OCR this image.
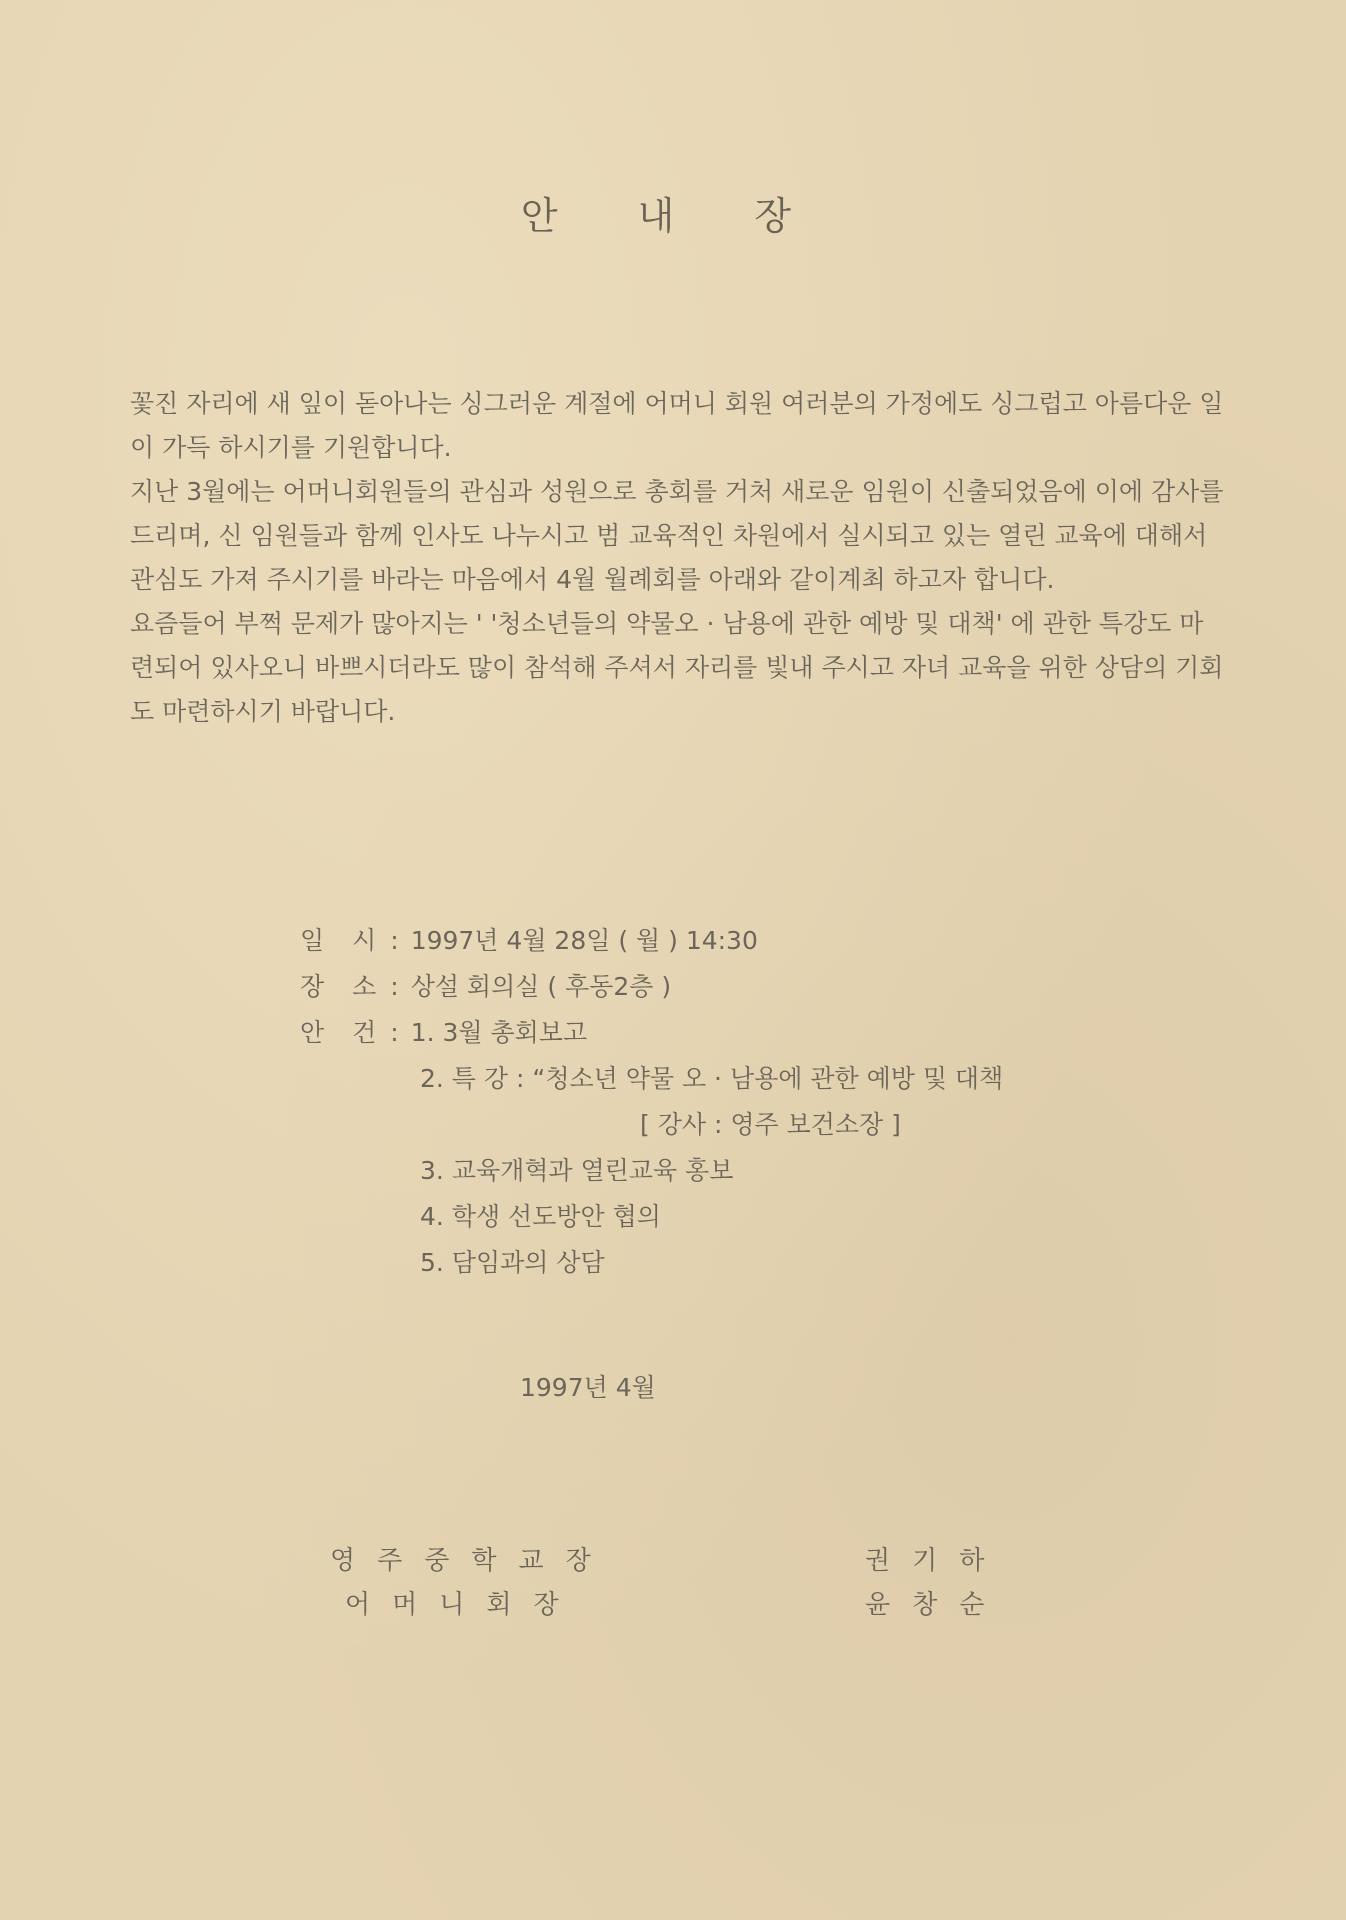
안 내 장

꽃진 자리에 새 잎이 돋아나는 싱그러운 계절에 어머니 회원 여러분의 가정에도 싱그럽고 아름다운 일이 가득 하시기를 기원합니다.

지난 3월에는 어머니회원들의 관심과 성원으로 총회를 거처 새로운 임원이 신출되었음에 이에 감사를 드리며, 신 임원들과 함께 인사도 나누시고 범 교육적인 차원에서 실시되고 있는 열린 교육에 대해서 관심도 가져 주시기를 바라는 마음에서 4월 월례회를 아래와 같이계최 하고자 합니다.

요즘들어 부쩍 문제가 많아지는 ' '청소년들의 약물오 · 남용에 관한 예방 및 대책' 에 관한 특강도 마련되어 있사오니 바쁘시더라도 많이 참석해 주셔서 자리를 빛내 주시고 자녀 교육을 위한 상담의 기회도 마련하시기 바랍니다.

일 시 : 1997년 4월 28일 ( 월 ) 14:30
장 소 : 상설 회의실 ( 후동2층 )
안 건 : 1. 3월 총회보고
2. 특 강 : “청소년 약물 오 · 남용에 관한 예방 및 대책
[ 강사 : 영주 보건소장 ]
3. 교육개혁과 열린교육 홍보
4. 학생 선도방안 협의
5. 담임과의 상담
1997년 4월
영주중학교장	권기하
어머니회장	윤창순
